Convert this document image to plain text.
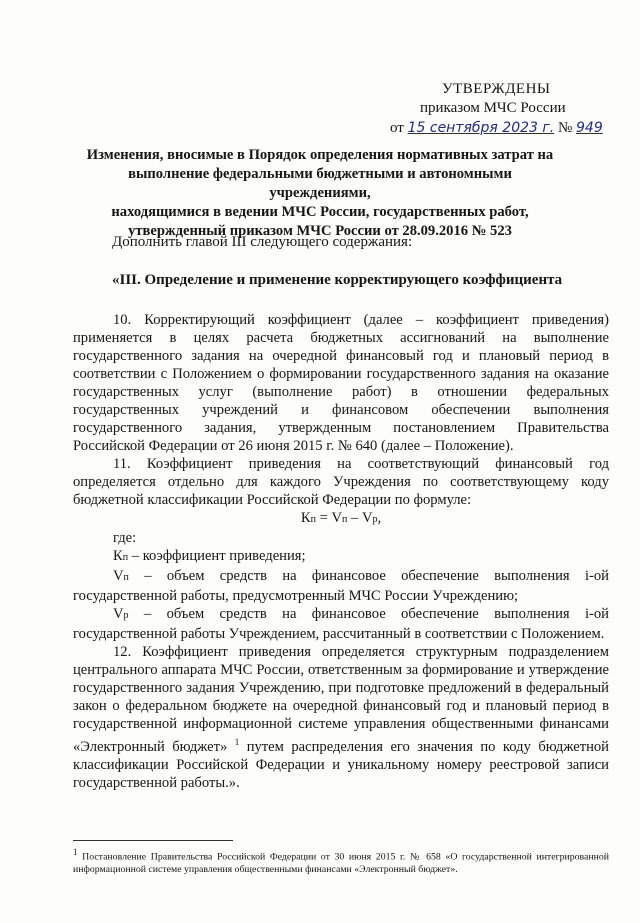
УТВЕРЖДЕНЫ
приказом МЧС России
от 15 сентября 2023 г. № 949
Изменения, вносимые в Порядок определения нормативных затрат на
выполнение федеральными бюджетными и автономными учреждениями,
находящимися в ведении МЧС России, государственных работ,
утвержденный приказом МЧС России от 28.09.2016 № 523
Дополнить главой III следующего содержания:
«III. Определение и применение корректирующего коэффициента

10. Корректирующий коэффициент (далее – коэффициент приведения) применяется в целях расчета бюджетных ассигнований на выполнение государственного задания на очередной финансовый год и плановый период в соответствии с Положением о формировании государственного задания на оказание государственных услуг (выполнение работ) в отношении федеральных государственных учреждений и финансовом обеспечении выполнения государственного задания, утвержденным постановлением Правительства Российской Федерации от 26 июня 2015 г. № 640 (далее – Положение).

11. Коэффициент приведения на соответствующий финансовый год определяется отдельно для каждого Учреждения по соответствующему коду бюджетной классификации Российской Федерации по формуле:

Кп = Vп – Vр,

где:

Кп – коэффициент приведения;

Vп – объем средств на финансовое обеспечение выполнения i-ой государственной работы, предусмотренный МЧС России Учреждению;

Vр – объем средств на финансовое обеспечение выполнения i-ой государственной работы Учреждением, рассчитанный в соответствии с Положением.

12. Коэффициент приведения определяется структурным подразделением центрального аппарата МЧС России, ответственным за формирование и утверждение государственного задания Учреждению, при подготовке предложений в федеральный закон о федеральном бюджете на очередной финансовый год и плановый период в государственной информационной системе управления общественными финансами «Электронный бюджет» $^1$ путем распределения его значения по коду бюджетной классификации Российской Федерации и уникальному номеру реестровой записи государственной работы.».

$^1$ Постановление Правительства Российской Федерации от 30 июня 2015 г. № 658 «О государственной интегрированной информационной системе управления общественными финансами «Электронный бюджет».
